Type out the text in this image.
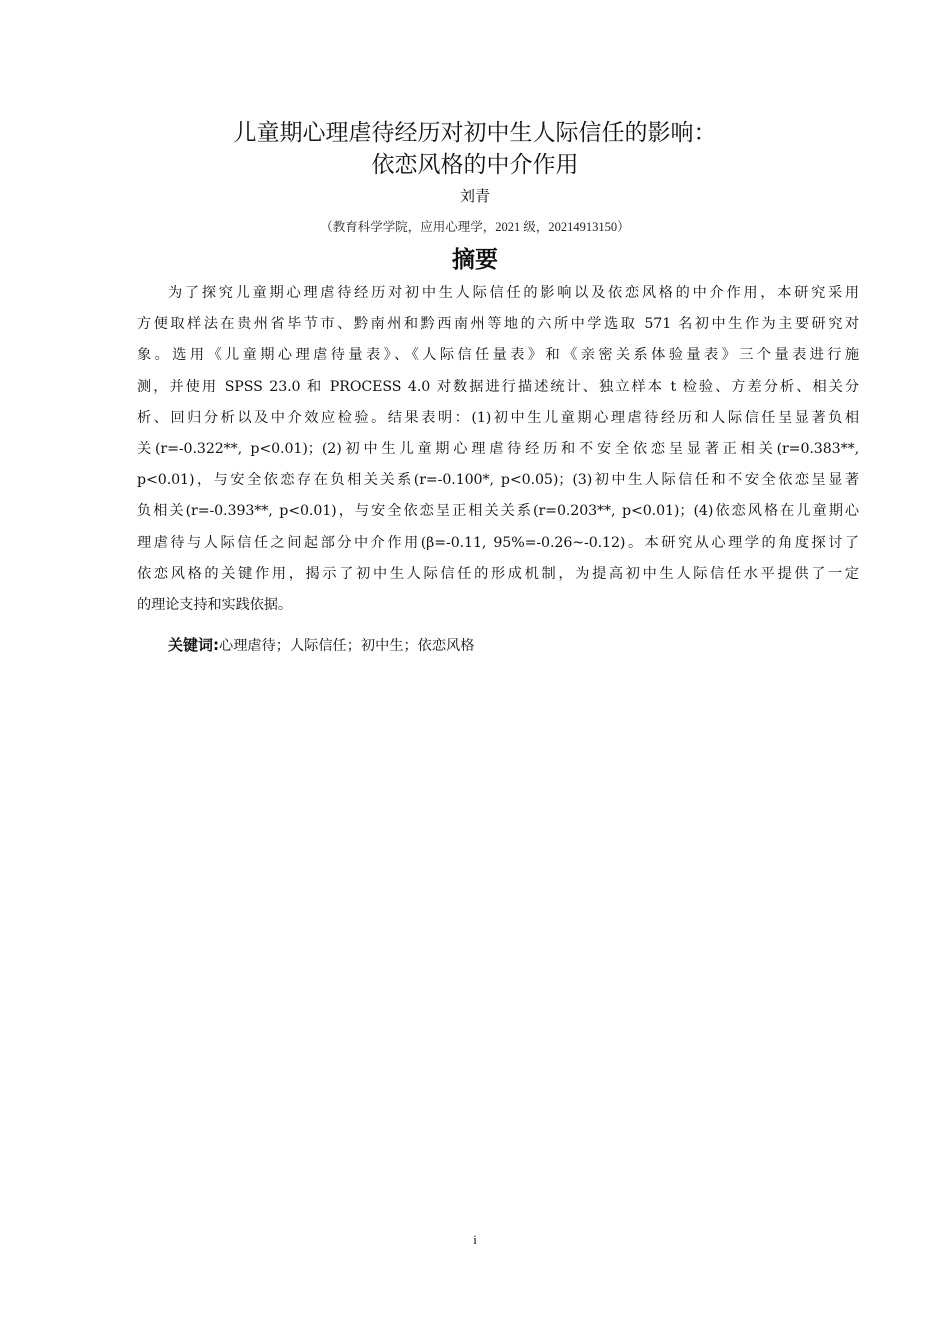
儿童期心理虐待经历对初中生人际信任的影响：
依恋风格的中介作用
刘青
（教育科学学院，应用心理学，2021 级，20214913150）
摘要
为了探究儿童期心理虐待经历对初中生人际信任的影响以及依恋风格的中介作用，本研究采用
方便取样法在贵州省毕节市、黔南州和黔西南州等地的六所中学选取 571 名初中生作为主要研究对
象。选用《儿童期心理虐待量表》、《人际信任量表》和《亲密关系体验量表》三个量表进行施
测，并使用 SPSS 23.0 和 PROCESS 4.0 对数据进行描述统计、独立样本 t 检验、方差分析、相关分
析、回归分析以及中介效应检验。结果表明：(1)初中生儿童期心理虐待经历和人际信任呈显著负相
关(r=-0.322**, p<0.01)；(2)初中生儿童期心理虐待经历和不安全依恋呈显著正相关(r=0.383**,
p<0.01)，与安全依恋存在负相关关系(r=-0.100*, p<0.05)；(3)初中生人际信任和不安全依恋呈显著
负相关(r=-0.393**, p<0.01)，与安全依恋呈正相关关系(r=0.203**, p<0.01)；(4)依恋风格在儿童期心
理虐待与人际信任之间起部分中介作用(β=-0.11, 95%=-0.26~-0.12)。本研究从心理学的角度探讨了
依恋风格的关键作用，揭示了初中生人际信任的形成机制，为提高初中生人际信任水平提供了一定
的理论支持和实践依据。
关键词:心理虐待；人际信任；初中生；依恋风格
i
